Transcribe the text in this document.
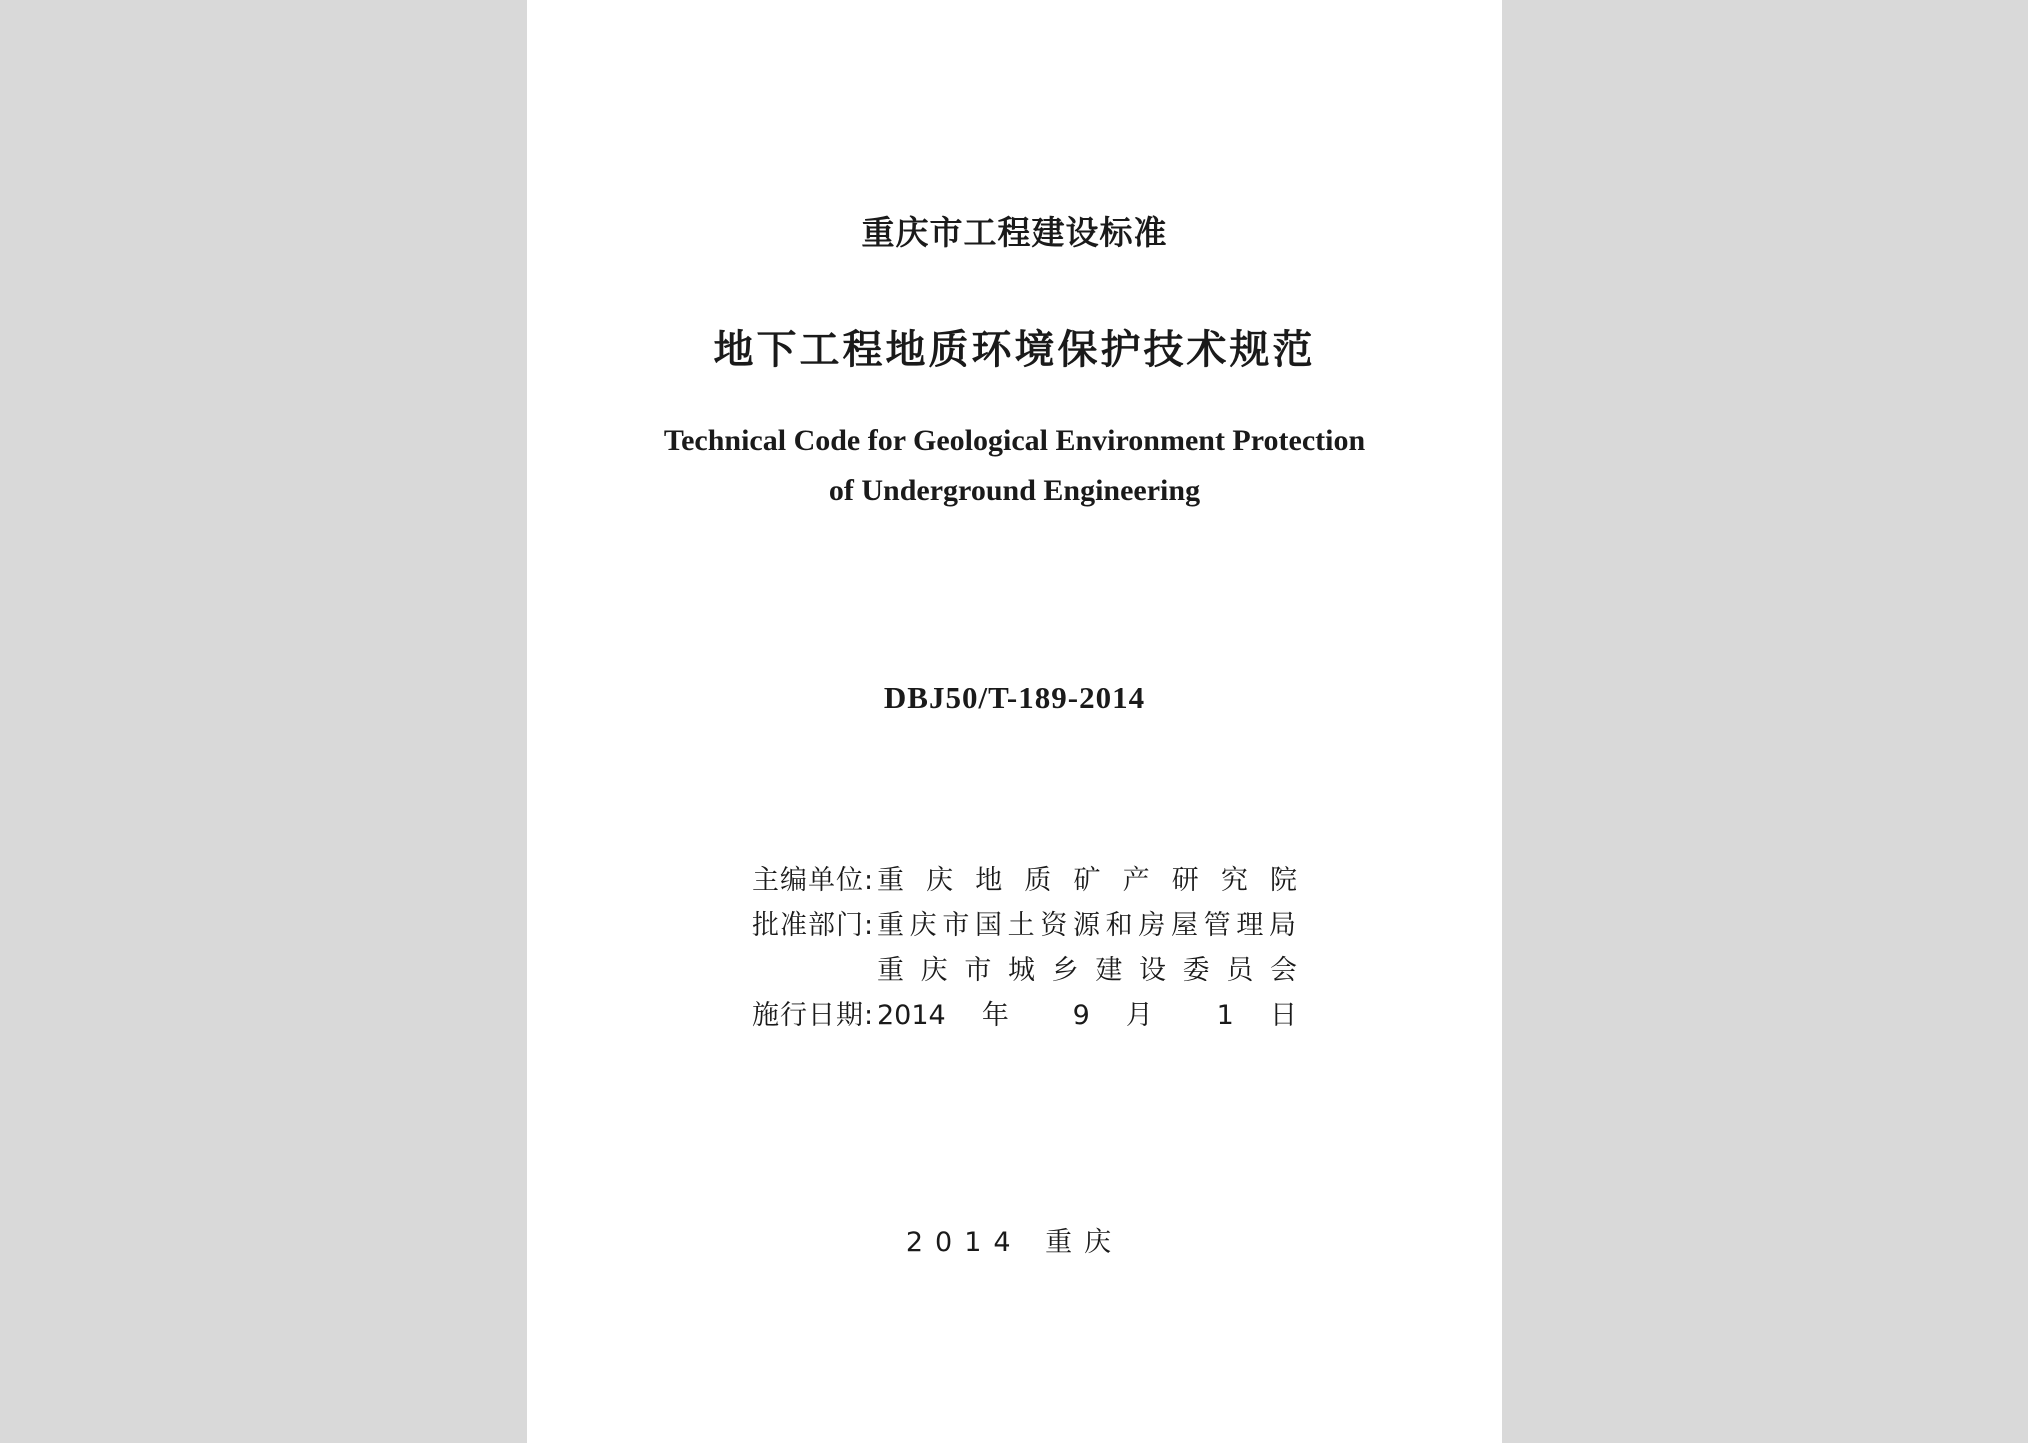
重庆市工程建设标准
地下工程地质环境保护技术规范
Technical Code for Geological Environment Protection
of Underground Engineering
DBJ50/T-189-2014
主编单位: 重庆地质矿产研究院
批准部门: 重庆市国土资源和房屋管理局
重庆市城乡建设委员会
施行日期: 2014 年 9 月 1 日
2014 重庆
